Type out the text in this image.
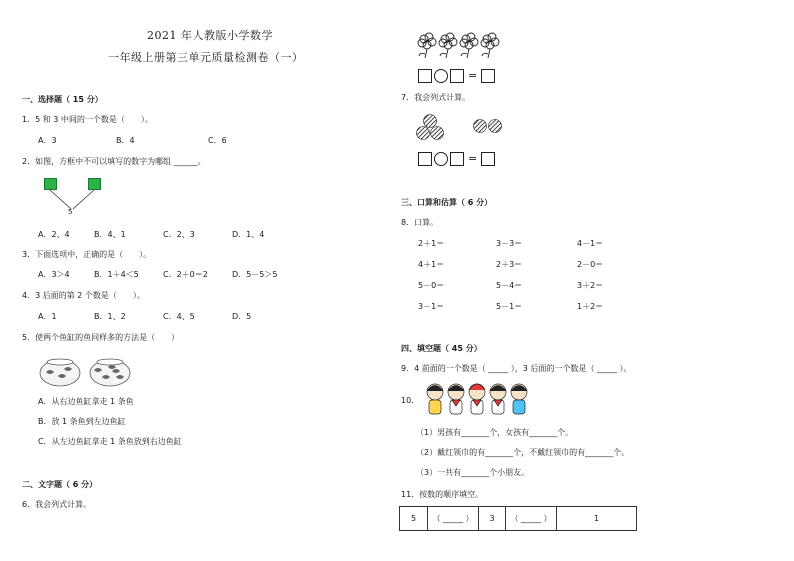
2021 年人教版小学数学
一年级上册第三单元质量检测卷（一）
一、选择题（ 15 分）
1．5 和 3 中间的一个数是（　　）。
A．3	B．4	C．6
2．如图，方框中不可以填写的数字为哪组 ______。
5
A．2、4	B．4、1	C．2、3	D．1、4
3．下面选项中，正确的是（　　）。
A．3＞4	B．1＋4＜5	C．2＋0＝2	D．5－5＞5
4．3 后面的第 2 个数是（　　）。
A．1	B．1、2	C．4、5	D．5
5．使两个鱼缸的鱼同样多的方法是（　　）
A．从右边鱼缸拿走 1 条鱼
B．放 1 条鱼到左边鱼缸
C．从左边鱼缸拿走 1 条鱼放到右边鱼缸
二、文字题（ 6 分）
6．我会列式计算。
=
7．我会列式计算。
=
三、口算和估算（ 6 分）
8．口算。
2＋1＝	3－3＝	4－1＝
4＋1＝	2＋3＝	2－0＝
5－0＝	5－4＝	3＋2＝
3－1＝	5－1＝	1＋2＝
四、填空题（ 45 分）
9．4 前面的一个数是（ _____ ），3 后面的一个数是（ _____ ）。
10．
（1）男孩有_______个，女孩有_______个。
（2）戴红领巾的有_______个，不戴红领巾的有_______个。
（3）一共有_______个小朋友。
11．按数的顺序填空。
5	（ _____ ）	3	（ _____ ）	1
